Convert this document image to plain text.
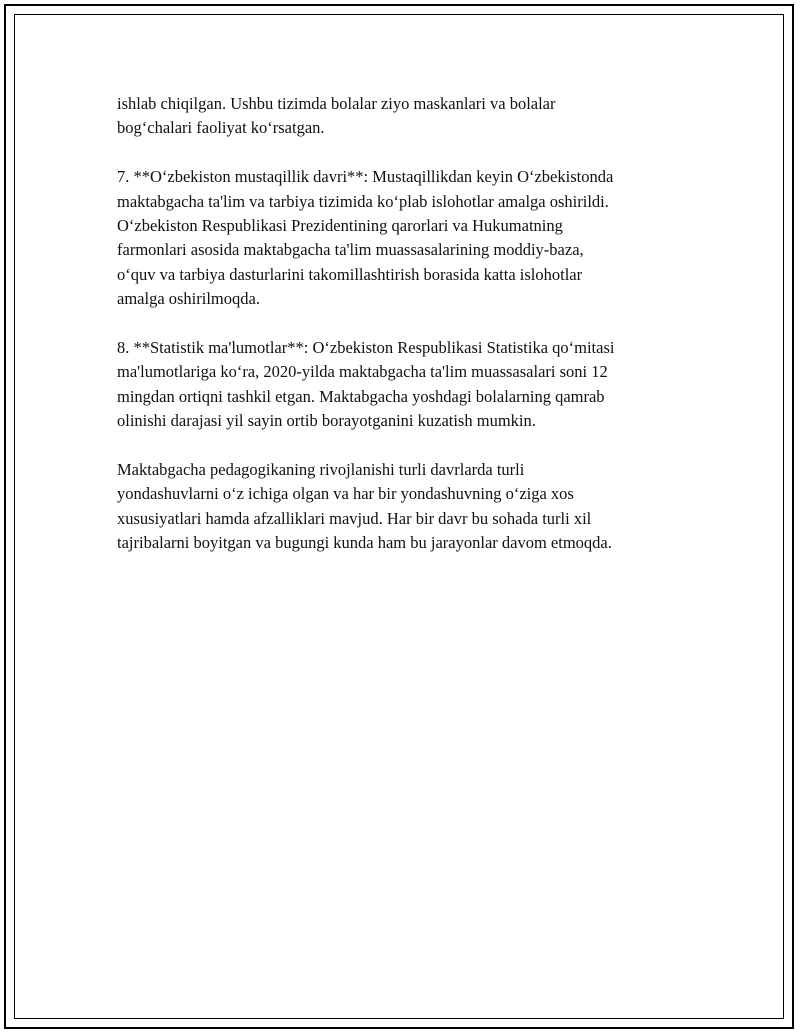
ishlab chiqilgan. Ushbu tizimda bolalar ziyo maskanlari va bolalar
bog‘chalari faoliyat ko‘rsatgan.

7. **O‘zbekiston mustaqillik davri**: Mustaqillikdan keyin O‘zbekistonda
maktabgacha ta'lim va tarbiya tizimida ko‘plab islohotlar amalga oshirildi.
O‘zbekiston Respublikasi Prezidentining qarorlari va Hukumatning
farmonlari asosida maktabgacha ta'lim muassasalarining moddiy-baza,
o‘quv va tarbiya dasturlarini takomillashtirish borasida katta islohotlar
amalga oshirilmoqda.

8. **Statistik ma'lumotlar**: O‘zbekiston Respublikasi Statistika qo‘mitasi
ma'lumotlariga ko‘ra, 2020-yilda maktabgacha ta'lim muassasalari soni 12
mingdan ortiqni tashkil etgan. Maktabgacha yoshdagi bolalarning qamrab
olinishi darajasi yil sayin ortib borayotganini kuzatish mumkin.

Maktabgacha pedagogikaning rivojlanishi turli davrlarda turli
yondashuvlarni o‘z ichiga olgan va har bir yondashuvning o‘ziga xos
xususiyatlari hamda afzalliklari mavjud. Har bir davr bu sohada turli xil
tajribalarni boyitgan va bugungi kunda ham bu jarayonlar davom etmoqda.
